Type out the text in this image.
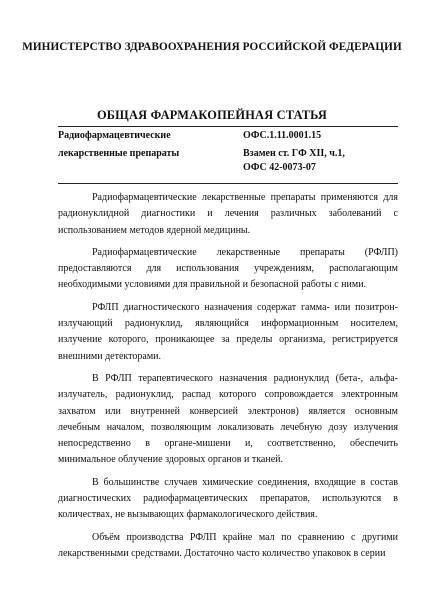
МИНИСТЕРСТВО ЗДРАВООХРАНЕНИЯ РОССИЙСКОЙ ФЕДЕРАЦИИ
ОБЩАЯ ФАРМАКОПЕЙНАЯ СТАТЬЯ
Радиофармацевтические
лекарственные препараты
ОФС.1.11.0001.15
Взамен ст. ГФ XII, ч.1,
ОФС 42-0073-07

Радиофармацевтические лекарственные препараты применяются для радионуклидной диагностики и лечения различных заболеваний с использованием методов ядерной медицины.

Радиофармацевтические лекарственные препараты (РФЛП) предоставляются для использования учреждениям, располагающим необходимыми условиями для правильной и безопасной работы с ними.

РФЛП диагностического назначения содержат гамма- или позитрон-излучающий радионуклид, являющийся информационным носителем, излучение которого, проникающее за пределы организма, регистрируется внешними детекторами.

В РФЛП терапевтического назначения радионуклид (бета-, альфа-излучатель, радионуклид, распад которого сопровождается электронным захватом или внутренней конверсией электронов) является основным лечебным началом, позволяющим локализовать лечебную дозу излучения непосредственно в органе-мишени и, соответственно, обеспечить минимальное облучение здоровых органов и тканей.

В большинстве случаев химические соединения, входящие в состав диагностических радиофармацевтических препаратов, используются в количествах, не вызывающих фармакологического действия.

Объём производства РФЛП крайне мал по сравнению с другими лекарственными средствами. Достаточно часто количество упаковок в серии
